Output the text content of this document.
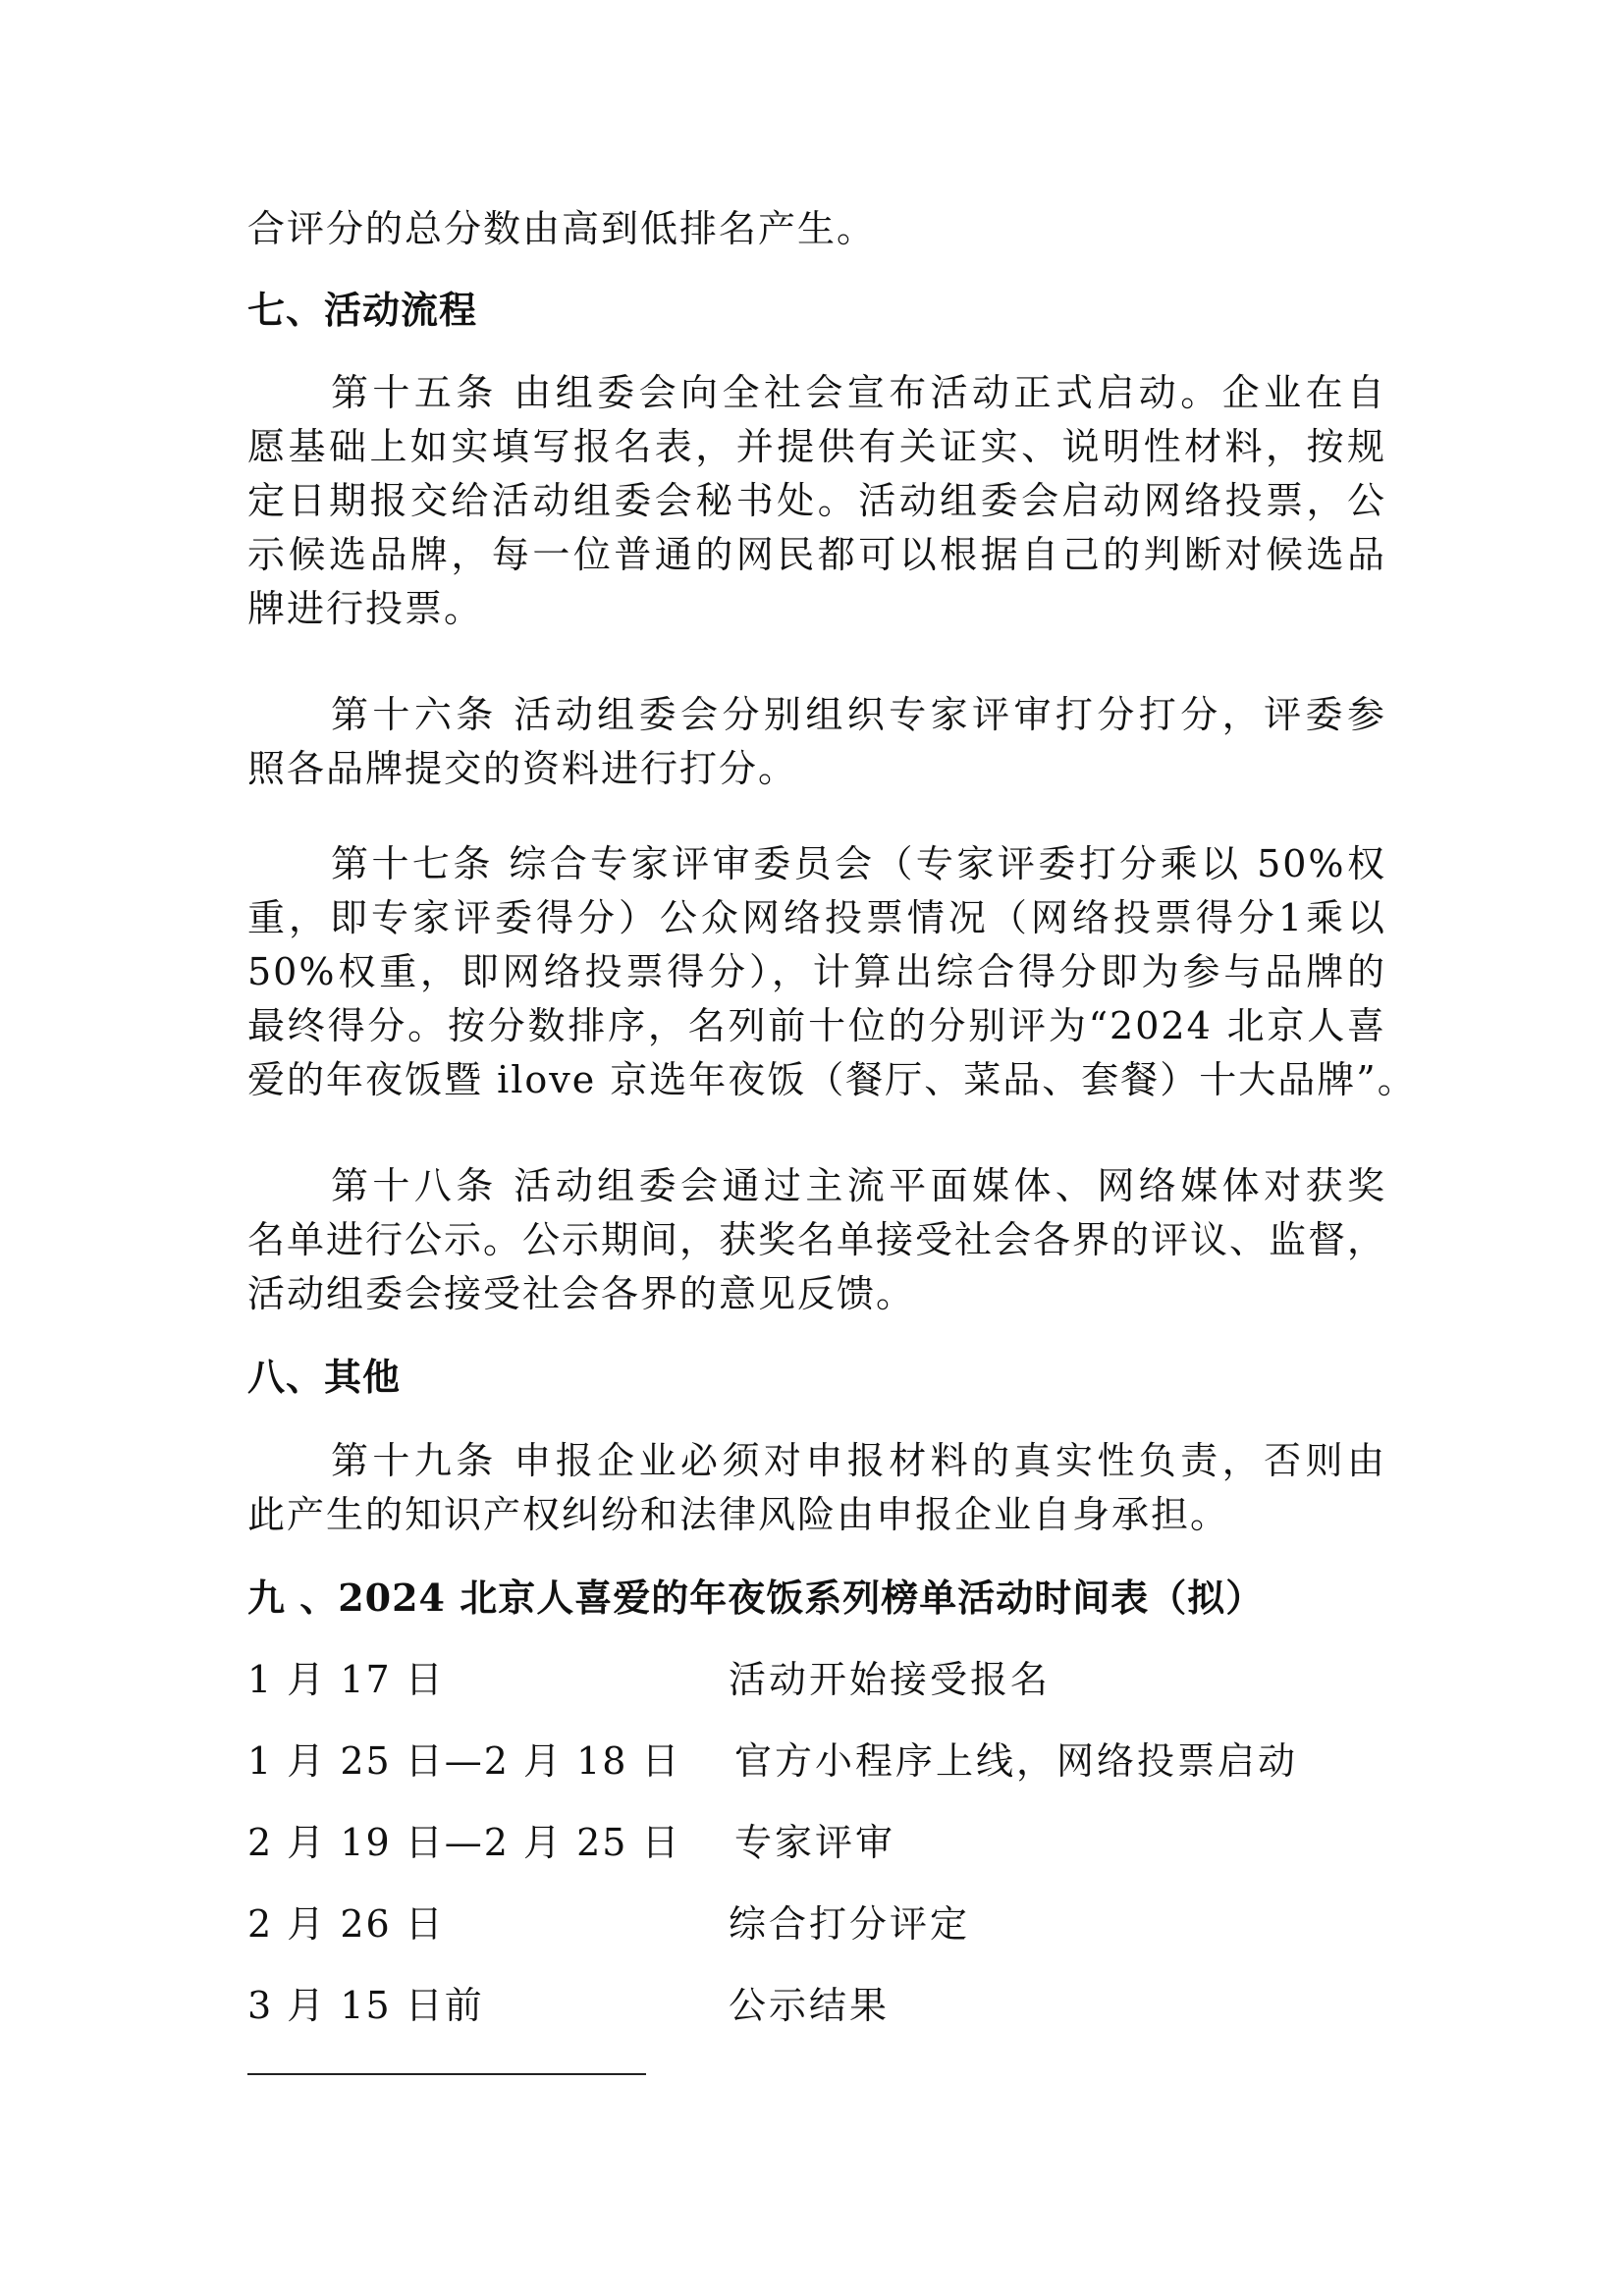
合评分的总分数由高到低排名产生。
七、活动流程
第十五条 由组委会向全社会宣布活动正式启动。企业在自
愿基础上如实填写报名表，并提供有关证实、说明性材料，按规
定日期报交给活动组委会秘书处。活动组委会启动网络投票，公
示候选品牌，每一位普通的网民都可以根据自己的判断对候选品
牌进行投票。
第十六条 活动组委会分别组织专家评审打分打分，评委参
照各品牌提交的资料进行打分。
第十七条 综合专家评审委员会（专家评委打分乘以 50%权
重，即专家评委得分）公众网络投票情况（网络投票得分1乘以
50%权重，即网络投票得分），计算出综合得分即为参与品牌的
最终得分。按分数排序，名列前十位的分别评为“2024 北京人喜
爱的年夜饭暨 ilove 京选年夜饭（餐厅、菜品、套餐）十大品牌”。
第十八条 活动组委会通过主流平面媒体、网络媒体对获奖
名单进行公示。公示期间，获奖名单接受社会各界的评议、监督，
活动组委会接受社会各界的意见反馈。
八、其他
第十九条 申报企业必须对申报材料的真实性负责，否则由
此产生的知识产权纠纷和法律风险由申报企业自身承担。
九 、2024 北京人喜爱的年夜饭系列榜单活动时间表（拟）
1 月 17 日	活动开始接受报名
1 月 25 日—2 月 18 日 官方小程序上线，网络投票启动
2 月 19 日—2 月 25 日 专家评审
2 月 26 日	综合打分评定
3 月 15 日前	公示结果
